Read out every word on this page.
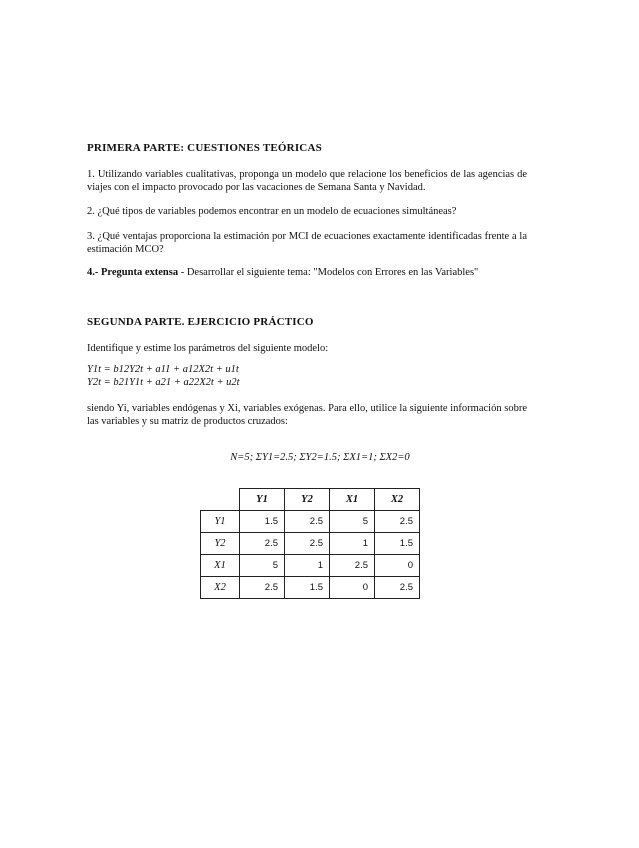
PRIMERA PARTE: CUESTIONES TEÓRICAS
1. Utilizando variables cualitativas, proponga un modelo que relacione los beneficios de las agencias de viajes con el impacto provocado por las vacaciones de Semana Santa y Navidad.
2. ¿Qué tipos de variables podemos encontrar en un modelo de ecuaciones simultáneas?
3. ¿Qué ventajas proporciona la estimación por MCI de ecuaciones exactamente identificadas frente a la estimación MCO?
4.- Pregunta extensa - Desarrollar el siguiente tema: "Modelos con Errores en las Variables"
SEGUNDA PARTE. EJERCICIO PRÁCTICO
Identifique y estime los parámetros del siguiente modelo:
Y1t = b12Y2t + a11 + a12X2t + u1t
Y2t = b21Y1t + a21 + a22X2t + u2t
siendo Yi, variables endógenas y Xi, variables exógenas. Para ello, utilice la siguiente información sobre las variables y su matriz de productos cruzados:
N=5; ΣY1=2.5; ΣY2=1.5; ΣX1=1; ΣX2=0
	Y1	Y2	X1	X2
Y1	1.5	2.5	5	2.5
Y2	2.5	2.5	1	1.5
X1	5	1	2.5	0
X2	2.5	1.5	0	2.5
